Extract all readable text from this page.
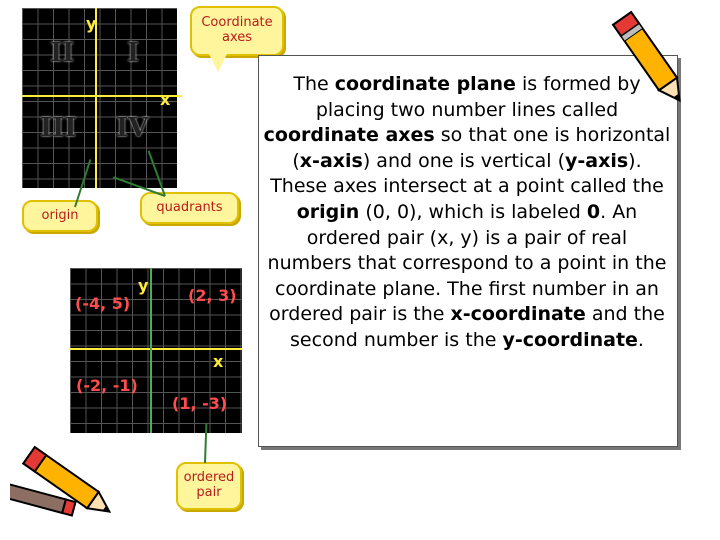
y
x
II I
III IV
Coordinate axes
quadrants
origin
y
x
(-4, 5)	(2, 3)
(-2, -1)
(1, -3)
ordered pair
The coordinate plane is formed by placing two number lines called coordinate axes so that one is horizontal (x-axis) and one is vertical (y-axis). These axes intersect at a point called the origin (0, 0), which is labeled 0. An ordered pair (x, y) is a pair of real numbers that correspond to a point in the coordinate plane. The first number in an ordered pair is the x-coordinate and the second number is the y-coordinate.
